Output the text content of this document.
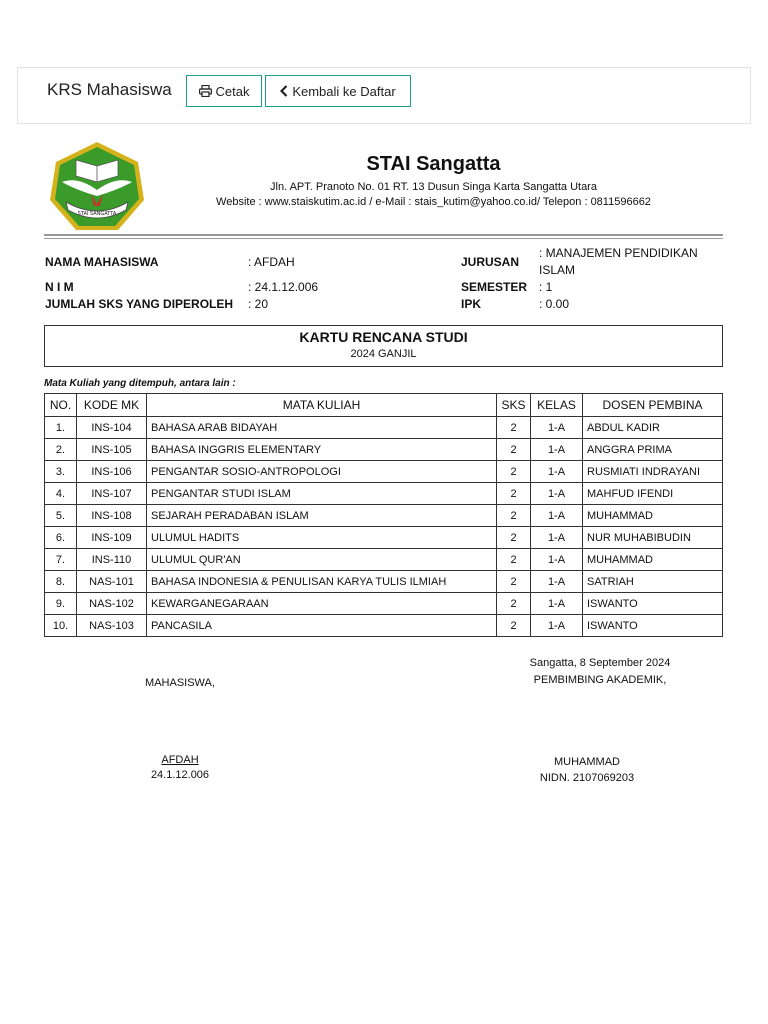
KRS Mahasiswa	Cetak	Kembali ke Daftar
STAI SANGATTA
STAI Sangatta
Jln. APT. Pranoto No. 01 RT. 13 Dusun Singa Karta Sangatta Utara
Website : www.staiskutim.ac.id / e-Mail : stais_kutim@yahoo.co.id/ Telepon : 0811596662
NAMA MAHASISWA	: AFDAH	JURUSAN
: MANAJEMEN PENDIDIKAN
ISLAM
N I M	: 24.1.12.006	SEMESTER : 1
JUMLAH SKS YANG DIPEROLEH : 20	IPK	: 0.00
KARTU RENCANA STUDI
2024 GANJIL
Mata Kuliah yang ditempuh, antara lain :
NO.	KODE MK	MATA KULIAH	SKS	KELAS	DOSEN PEMBINA
1.	INS-104	BAHASA ARAB BIDAYAH	2	1-A	ABDUL KADIR
2.	INS-105	BAHASA INGGRIS ELEMENTARY	2	1-A	ANGGRA PRIMA
3.	INS-106	PENGANTAR SOSIO-ANTROPOLOGI	2	1-A	RUSMIATI INDRAYANI
4.	INS-107	PENGANTAR STUDI ISLAM	2	1-A	MAHFUD IFENDI
5.	INS-108	SEJARAH PERADABAN ISLAM	2	1-A	MUHAMMAD
6.	INS-109	ULUMUL HADITS	2	1-A	NUR MUHABIBUDIN
7.	INS-110	ULUMUL QUR'AN	2	1-A	MUHAMMAD
8.	NAS-101	BAHASA INDONESIA & PENULISAN KARYA TULIS ILMIAH	2	1-A	SATRIAH
9.	NAS-102	KEWARGANEGARAAN	2	1-A	ISWANTO
10.	NAS-103	PANCASILA	2	1-A	ISWANTO
Sangatta, 8 September 2024
PEMBIMBING AKADEMIK,
MAHASISWA,
AFDAH
24.1.12.006
MUHAMMAD
NIDN. 2107069203
